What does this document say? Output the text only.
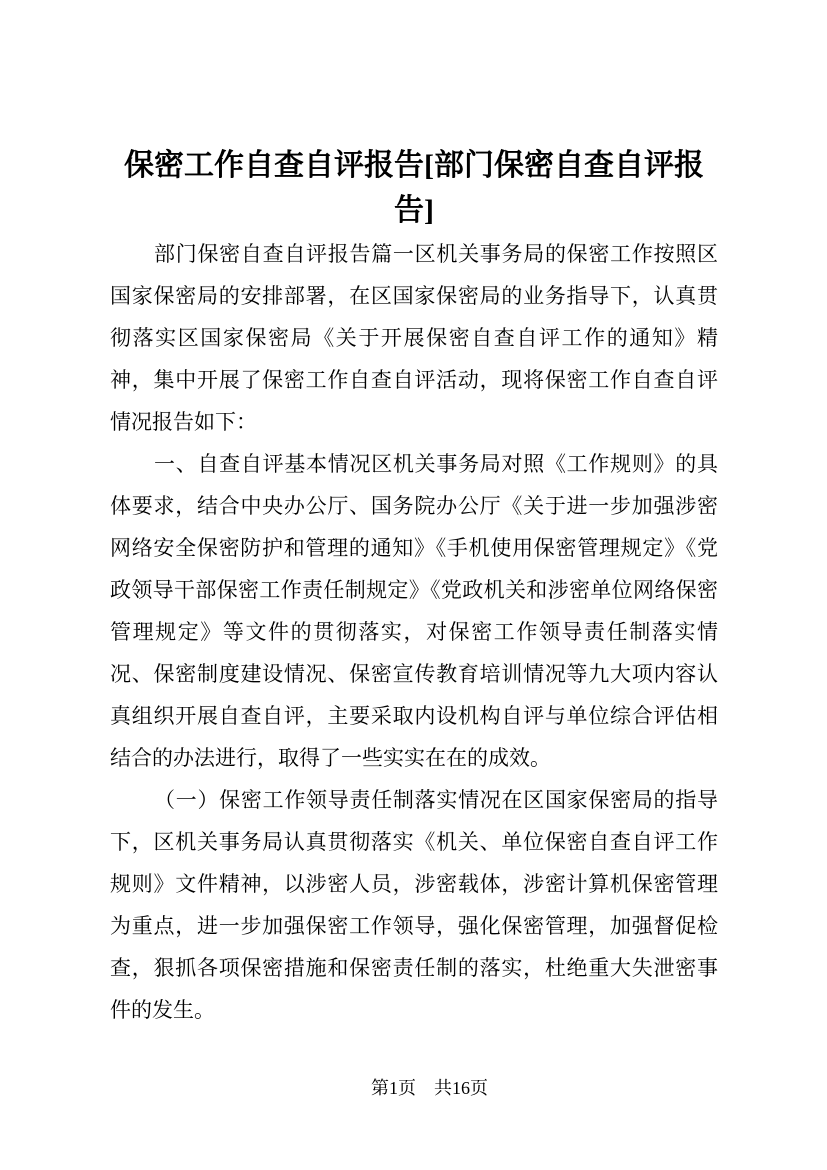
保密工作自查自评报告[部门保密自查自评报告]

部门保密自查自评报告篇一区机关事务局的保密工作按照区国家保密局的安排部署，在区国家保密局的业务指导下，认真贯彻落实区国家保密局《关于开展保密自查自评工作的通知》精神，集中开展了保密工作自查自评活动，现将保密工作自查自评情况报告如下：

一、自查自评基本情况区机关事务局对照《工作规则》的具体要求，结合中央办公厅、国务院办公厅《关于进一步加强涉密网络安全保密防护和管理的通知》《手机使用保密管理规定》《党政领导干部保密工作责任制规定》《党政机关和涉密单位网络保密管理规定》等文件的贯彻落实，对保密工作领导责任制落实情况、保密制度建设情况、保密宣传教育培训情况等九大项内容认真组织开展自查自评，主要采取内设机构自评与单位综合评估相结合的办法进行，取得了一些实实在在的成效。

（一）保密工作领导责任制落实情况在区国家保密局的指导下，区机关事务局认真贯彻落实《机关、单位保密自查自评工作规则》文件精神，以涉密人员，涉密载体，涉密计算机保密管理为重点，进一步加强保密工作领导，强化保密管理，加强督促检查，狠抓各项保密措施和保密责任制的落实，杜绝重大失泄密事件的发生。

第1页　共16页
